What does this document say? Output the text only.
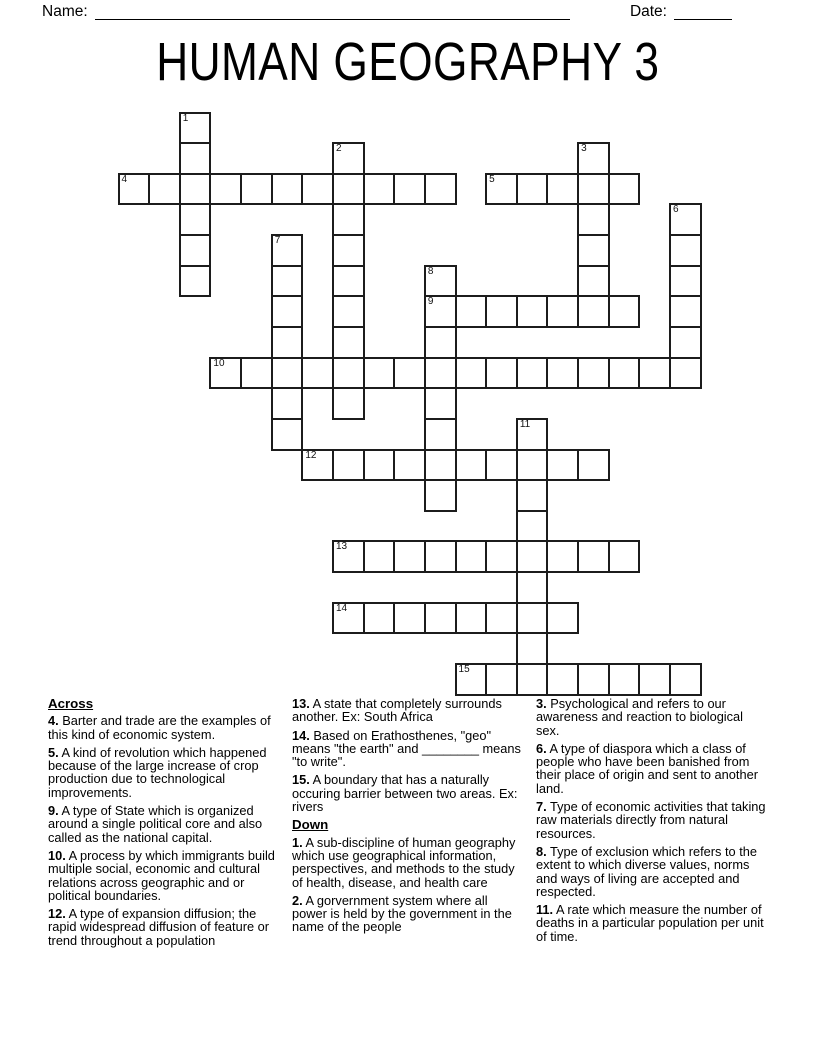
Name:	Date:
HUMAN GEOGRAPHY 3
1
2	3
4	5
6
7
8
9
10
11
12
13
14
15
Across
4. Barter and trade are the examples of this kind of economic system.
5. A kind of revolution which happened because of the large increase of crop production due to technological improvements.
9. A type of State which is organized around a single political core and also called as the national capital.
10. A process by which immigrants build multiple social, economic and cultural relations across geographic and or political boundaries.
12. A type of expansion diffusion; the rapid widespread diffusion of feature or trend throughout a population
13. A state that completely surrounds another. Ex: South Africa
14. Based on Erathosthenes, "geo" means "the earth" and ________ means "to write".
15. A boundary that has a naturally occuring barrier between two areas. Ex: rivers
Down
1. A sub-discipline of human geography which use geographical information, perspectives, and methods to the study of health, disease, and health care
2. A gorvernment system where all power is held by the government in the name of the people
3. Psychological and refers to our awareness and reaction to biological sex.
6. A type of diaspora which a class of people who have been banished from their place of origin and sent to another land.
7. Type of economic activities that taking raw materials directly from natural resources.
8. Type of exclusion which refers to the extent to which diverse values, norms and ways of living are accepted and respected.
11. A rate which measure the number of deaths in a particular population per unit of time.
